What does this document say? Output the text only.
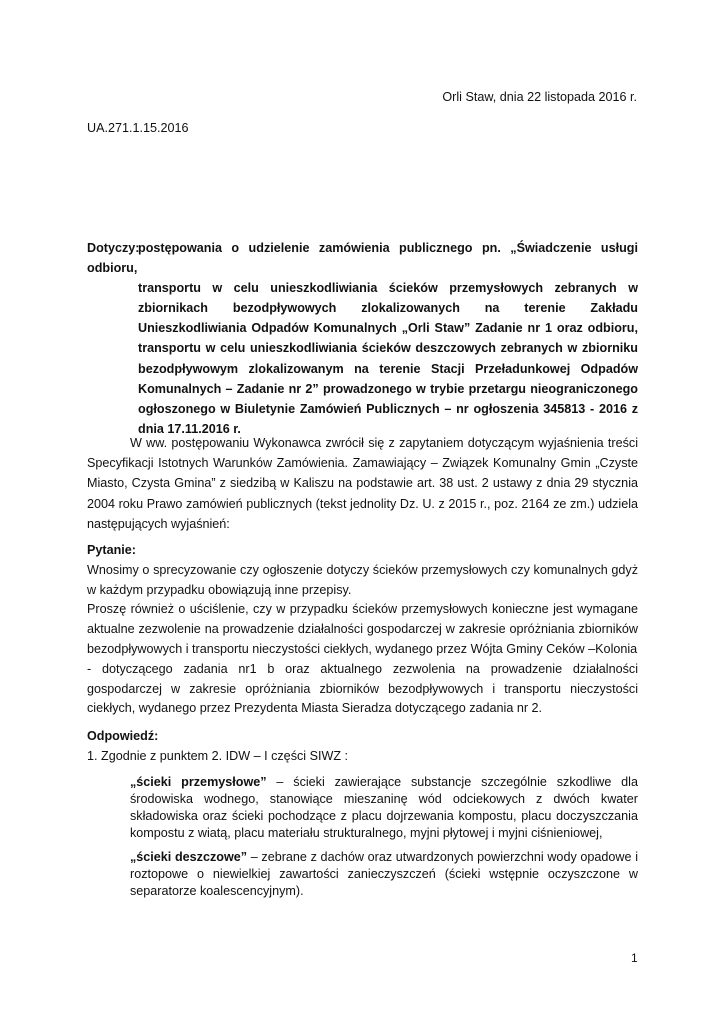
Orli Staw, dnia 22 listopada 2016 r.
UA.271.1.15.2016
Dotyczy:postępowania o udzielenie zamówienia publicznego pn. „Świadczenie usługi odbioru,
transportu w celu unieszkodliwiania ścieków przemysłowych zebranych w zbiornikach bezodpływowych zlokalizowanych na terenie Zakładu Unieszkodliwiania Odpadów Komunalnych „Orli Staw” Zadanie nr 1 oraz odbioru, transportu w celu unieszkodliwiania ścieków deszczowych zebranych w zbiorniku bezodpływowym zlokalizowanym na terenie Stacji Przeładunkowej Odpadów Komunalnych – Zadanie nr 2” prowadzonego w trybie przetargu nieograniczonego ogłoszonego w Biuletynie Zamówień Publicznych – nr ogłoszenia 345813 - 2016 z dnia 17.11.2016 r.

W ww. postępowaniu Wykonawca zwrócił się z zapytaniem dotyczącym wyjaśnienia treści Specyfikacji Istotnych Warunków Zamówienia. Zamawiający – Związek Komunalny Gmin „Czyste Miasto, Czysta Gmina” z siedzibą w Kaliszu na podstawie art. 38 ust. 2 ustawy z dnia 29 stycznia 2004 roku Prawo zamówień publicznych (tekst jednolity Dz. U. z 2015 r., poz. 2164 ze zm.) udziela następujących wyjaśnień:

Pytanie:

Wnosimy o sprecyzowanie czy ogłoszenie dotyczy ścieków przemysłowych czy komunalnych gdyż w każdym przypadku obowiązują inne przepisy.

Proszę również o uściślenie, czy w przypadku ścieków przemysłowych konieczne jest wymagane aktualne zezwolenie na prowadzenie działalności gospodarczej w zakresie opróżniania zbiorników bezodpływowych i transportu nieczystości ciekłych, wydanego przez Wójta Gminy Ceków –Kolonia

- dotyczącego zadania nr1 b oraz aktualnego zezwolenia na prowadzenie działalności gospodarczej w zakresie opróżniania zbiorników bezodpływowych i transportu nieczystości ciekłych, wydanego przez Prezydenta Miasta Sieradza dotyczącego zadania nr 2.

Odpowiedź:

1. Zgodnie z punktem 2. IDW – I części SIWZ :

„ścieki przemysłowe” – ścieki zawierające substancje szczególnie szkodliwe dla środowiska wodnego, stanowiące mieszaninę wód odciekowych z dwóch kwater składowiska oraz ścieki pochodzące z placu dojrzewania kompostu, placu doczyszczania kompostu z wiatą, placu materiału strukturalnego, myjni płytowej i myjni ciśnieniowej,

„ścieki deszczowe” – zebrane z dachów oraz utwardzonych powierzchni wody opadowe i roztopowe o niewielkiej zawartości zanieczyszczeń (ścieki wstępnie oczyszczone w separatorze koalescencyjnym).

1
